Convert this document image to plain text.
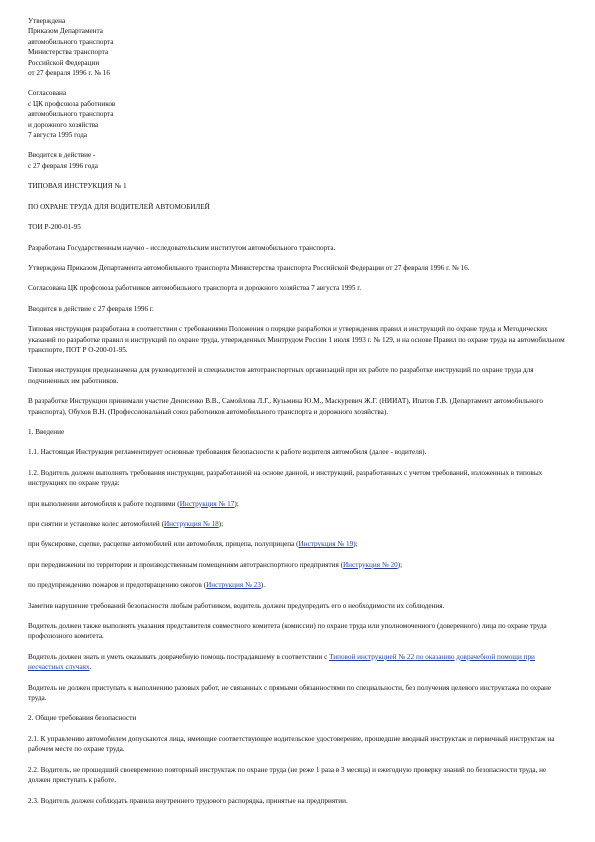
Утверждена
Приказом Департамента
автомобильного транспорта
Министерства транспорта
Российской Федерации
от 27 февраля 1996 г. № 16
Согласована
с ЦК профсоюза работников
автомобильного транспорта
и дорожного хозяйства
7 августа 1995 года
Вводится в действие -
с 27 февраля 1996 года

ТИПОВАЯ ИНСТРУКЦИЯ № 1

ПО ОХРАНЕ ТРУДА ДЛЯ ВОДИТЕЛЕЙ АВТОМОБИЛЕЙ

ТОИ Р-200-01-95

Разработана Государственным научно - исследовательским институтом автомобильного транспорта.

Утверждена Приказом Департамента автомобильного транспорта Министерства транспорта Российской Федерации от 27 февраля 1996 г. № 16.

Согласована ЦК профсоюза работников автомобильного транспорта и дорожного хозяйства 7 августа 1995 г.

Вводится в действие с 27 февраля 1996 г.

Типовая инструкция разработана в соответствии с требованиями Положения о порядке разработки и утверждения правил и инструкций по охране труда и Методических указаний по разработке правил и инструкций по охране труда, утвержденных Минтрудом России 1 июля 1993 г. № 129, и на основе Правил по охране труда на автомобильном транспорте, ПОТ Р О-200-01-95.

Типовая инструкция предназначена для руководителей и специалистов автотранспортных организаций при их работе по разработке инструкций по охране труда для подчиненных им работников.

В разработке Инструкции принимали участие Денисенко В.В., Самойлова Л.Г., Кузьмина Ю.М., Маскуревич Ж.Г. (НИИАТ), Ипатов Г.В. (Департамент автомобильного транспорта), Обухов В.Н. (Профессиональный союз работников автомобильного транспорта и дорожного хозяйства).

1. Введение

1.1. Настоящая Инструкция регламентирует основные требования безопасности к работе водителя автомобиля (далее - водителя).

1.2. Водитель должен выполнять требования инструкции, разработанной на основе данной, и инструкций, разработанных с учетом требований, изложенных в типовых инструкциях по охране труда:

при выполнении автомобиля к работе подпиями (Инструкция № 17);

при снятии и установке колес автомобилей (Инструкция № 18);

при буксировке, сцепке, расцепке автомобилей или автомобиля, прицепа, полуприцепа (Инструкция № 19);

при передвижении по территории и производственным помещениям автотранспортного предприятия (Инструкция № 20);

по предупреждению пожаров и предотвращению ожогов (Инструкция № 23).

Заметив нарушение требований безопасности любым работником, водитель должен предупредить его о необходимости их соблюдения.

Водитель должен также выполнять указания представителя совместного комитета (комиссии) по охране труда или уполномоченного (доверенного) лица по охране труда профсоюзного комитета.

Водитель должен знать и уметь оказывать доврачебную помощь пострадавшему в соответствии с Типовой инструкцией № 22 по оказанию доврачебной помощи при несчастных случаях.

Водитель не должен приступать к выполнению разовых работ, не связанных с прямыми обязанностями по специальности, без получения целевого инструктажа по охране труда.

2. Общие требования безопасности

2.1. К управлению автомобилем допускаются лица, имеющие соответствующее водительское удостоверение, прошедшие вводный инструктаж и первичный инструктаж на рабочем месте по охране труда.

2.2. Водитель, не прошедший своевременно повторный инструктаж по охране труда (не реже 1 раза в 3 месяца) и ежегодную проверку знаний по безопасности труда, не должен приступать к работе.

2.3. Водитель должен соблюдать правила внутреннего трудового распорядка, принятые на предприятии.
